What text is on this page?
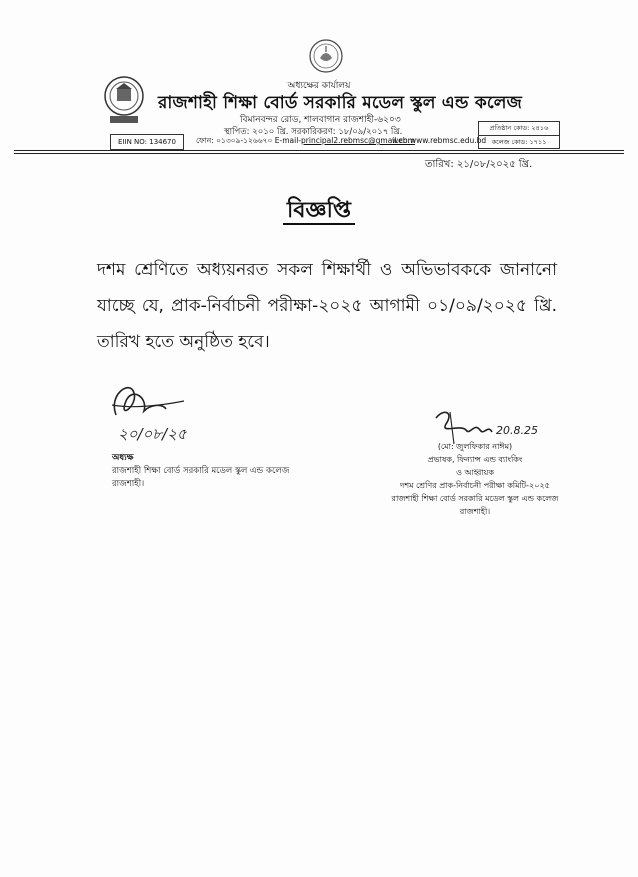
অধ্যক্ষের কার্যালয়
রাজশাহী শিক্ষা বোর্ড সরকারি মডেল স্কুল এন্ড কলেজ
বিমানবন্দর রোড, শালবাগান রাজশাহী-৬২০৩
স্থাপিত: ২০১০ খ্রি. সরকারিকরণ: ১৮/০৯/২০১৭ খ্রি.
ফোন: ০১৩০৯-১২৬৬৭০ E-mail-principal2.rebmsc@gmail.com
web:www.rebmsc.edu.bd
EIIN NO: 134670
প্রতিষ্ঠান কোড: ২৪১৬
কলেজ কোড: ১৭১১
তারিখ: ২১/০৮/২০২৫ খ্রি.
বিজ্ঞপ্তি
দশম শ্রেণিতে অধ্যয়নরত সকল শিক্ষার্থী ও অভিভাবককে জানানো যাচ্ছে যে, প্রাক-নির্বাচনী পরীক্ষা-২০২৫ আগামী ০১/০৯/২০২৫ খ্রি. তারিখ হতে অনুষ্ঠিত হবে।
২০/০৮/২৫
অধ্যক্ষ
রাজশাহী শিক্ষা বোর্ড সরকারি মডেল স্কুল এন্ড কলেজ
রাজশাহী।
20.8.25
(মো: জুলফিকার নাঈম)
প্রভাষক, ফিন্যান্স এন্ড ব্যাংকিং
ও আহ্বায়ক
দশম শ্রেণির প্রাক-নির্বাচনী পরীক্ষা কমিটি-২০২৫
রাজশাহী শিক্ষা বোর্ড সরকারি মডেল স্কুল এন্ড কলেজ
রাজশাহী।
